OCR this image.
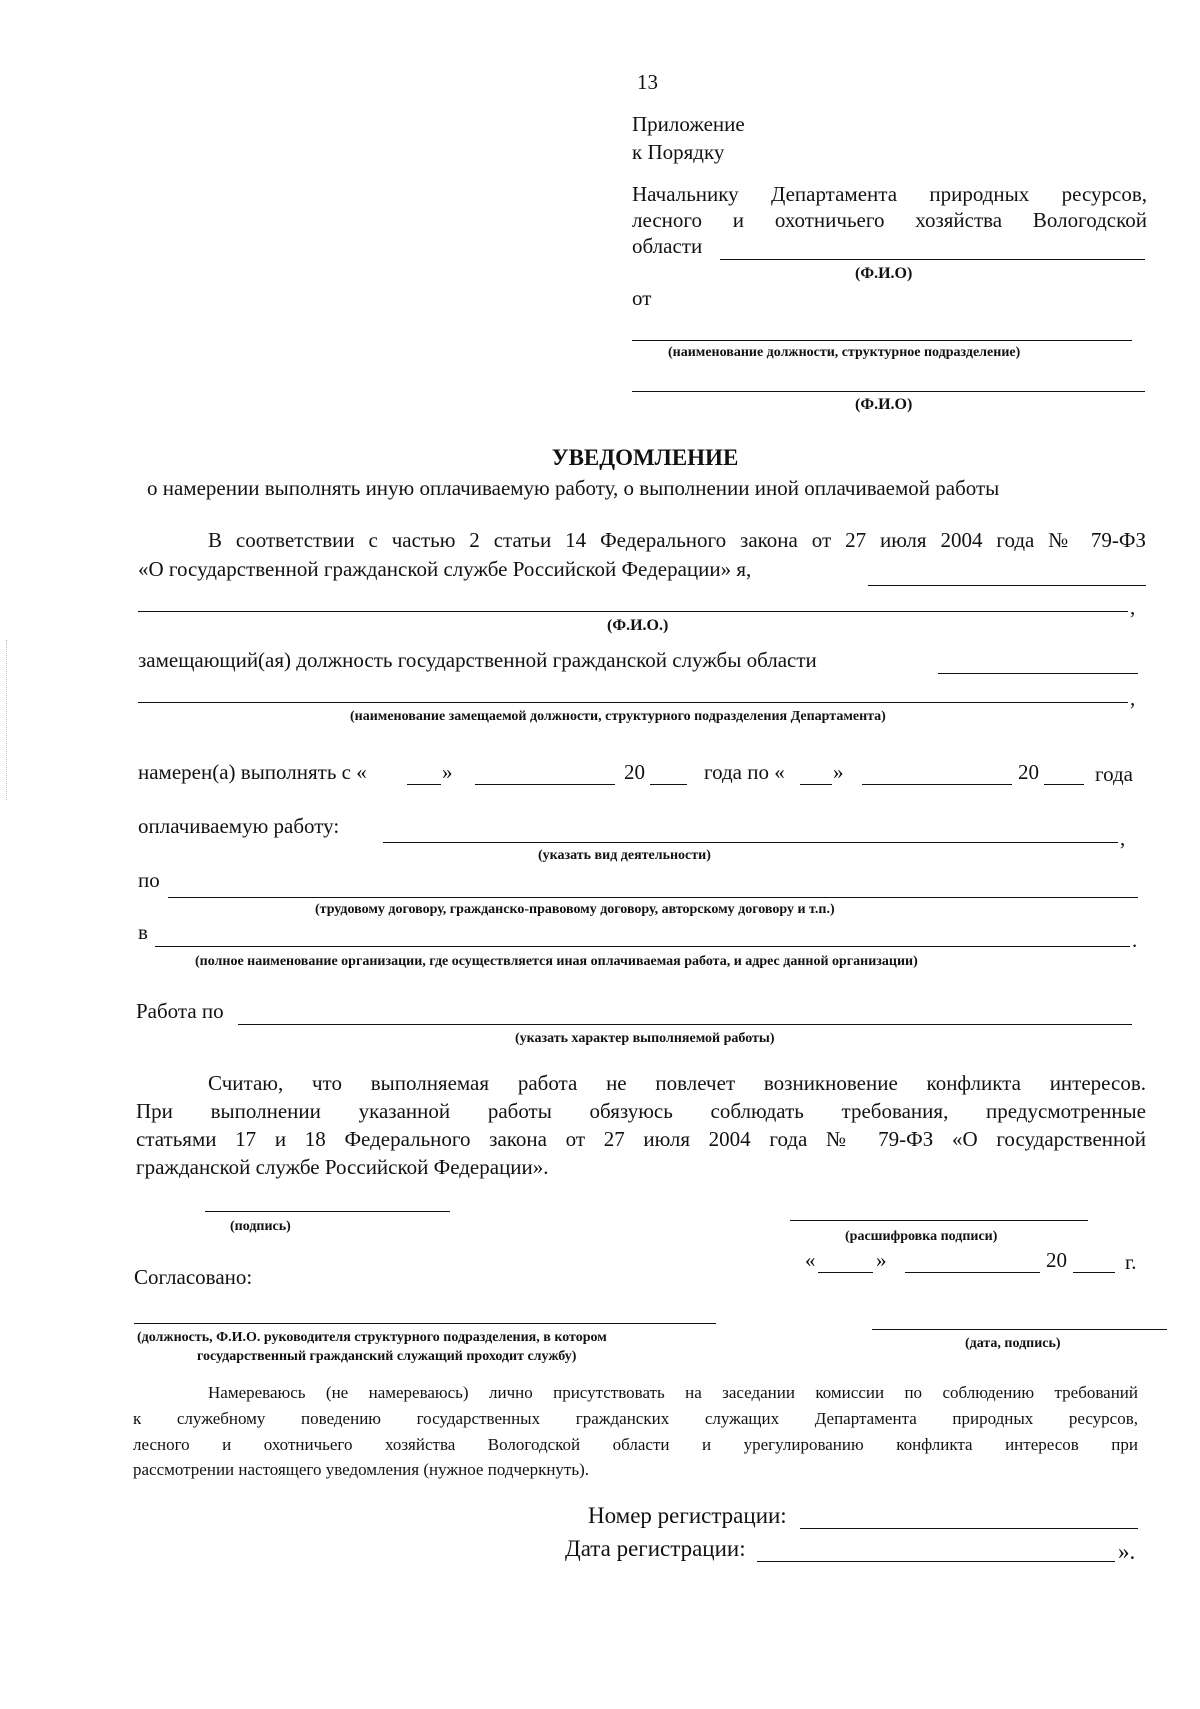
13
Приложение
к Порядку
Начальнику Департамента природных ресурсов,
лесного и охотничьего хозяйства Вологодской
области
(Ф.И.О)
от
(наименование должности, структурное подразделение)
(Ф.И.О)
УВЕДОМЛЕНИЕ
о намерении выполнять иную оплачиваемую работу, о выполнении иной оплачиваемой работы
В соответствии с частью 2 статьи 14 Федерального закона от 27 июля 2004 года № 79-ФЗ
«О государственной гражданской службе Российской Федерации» я,
,
(Ф.И.О.)
замещающий(ая) должность государственной гражданской службы области
,
(наименование замещаемой должности, структурного подразделения Департамента)
намерен(а) выполнять с «	»	20	года по « »	20	года
оплачиваемую работу:	,
(указать вид деятельности)
по
(трудовому договору, гражданско-правовому договору, авторскому договору и т.п.)
в	.
(полное наименование организации, где осуществляется иная оплачиваемая работа, и адрес данной организации)
Работа по
(указать характер выполняемой работы)
Считаю, что выполняемая работа не повлечет возникновение конфликта интересов.
При выполнении указанной работы обязуюсь соблюдать требования, предусмотренные
статьями 17 и 18 Федерального закона от 27 июля 2004 года № 79-ФЗ «О государственной
гражданской службе Российской Федерации».
(подпись)
(расшифровка подписи)
«	»	20	г.
Согласовано:
(должность, Ф.И.О. руководителя структурного подразделения, в котором
государственный гражданский служащий проходит службу)
(дата, подпись)
Намереваюсь (не намереваюсь) лично присутствовать на заседании комиссии по соблюдению требований
к служебному поведению государственных гражданских служащих Департамента природных ресурсов,
лесного и охотничьего хозяйства Вологодской области и урегулированию конфликта интересов при
рассмотрении настоящего уведомления (нужное подчеркнуть).
Номер регистрации:
Дата регистрации:	».
